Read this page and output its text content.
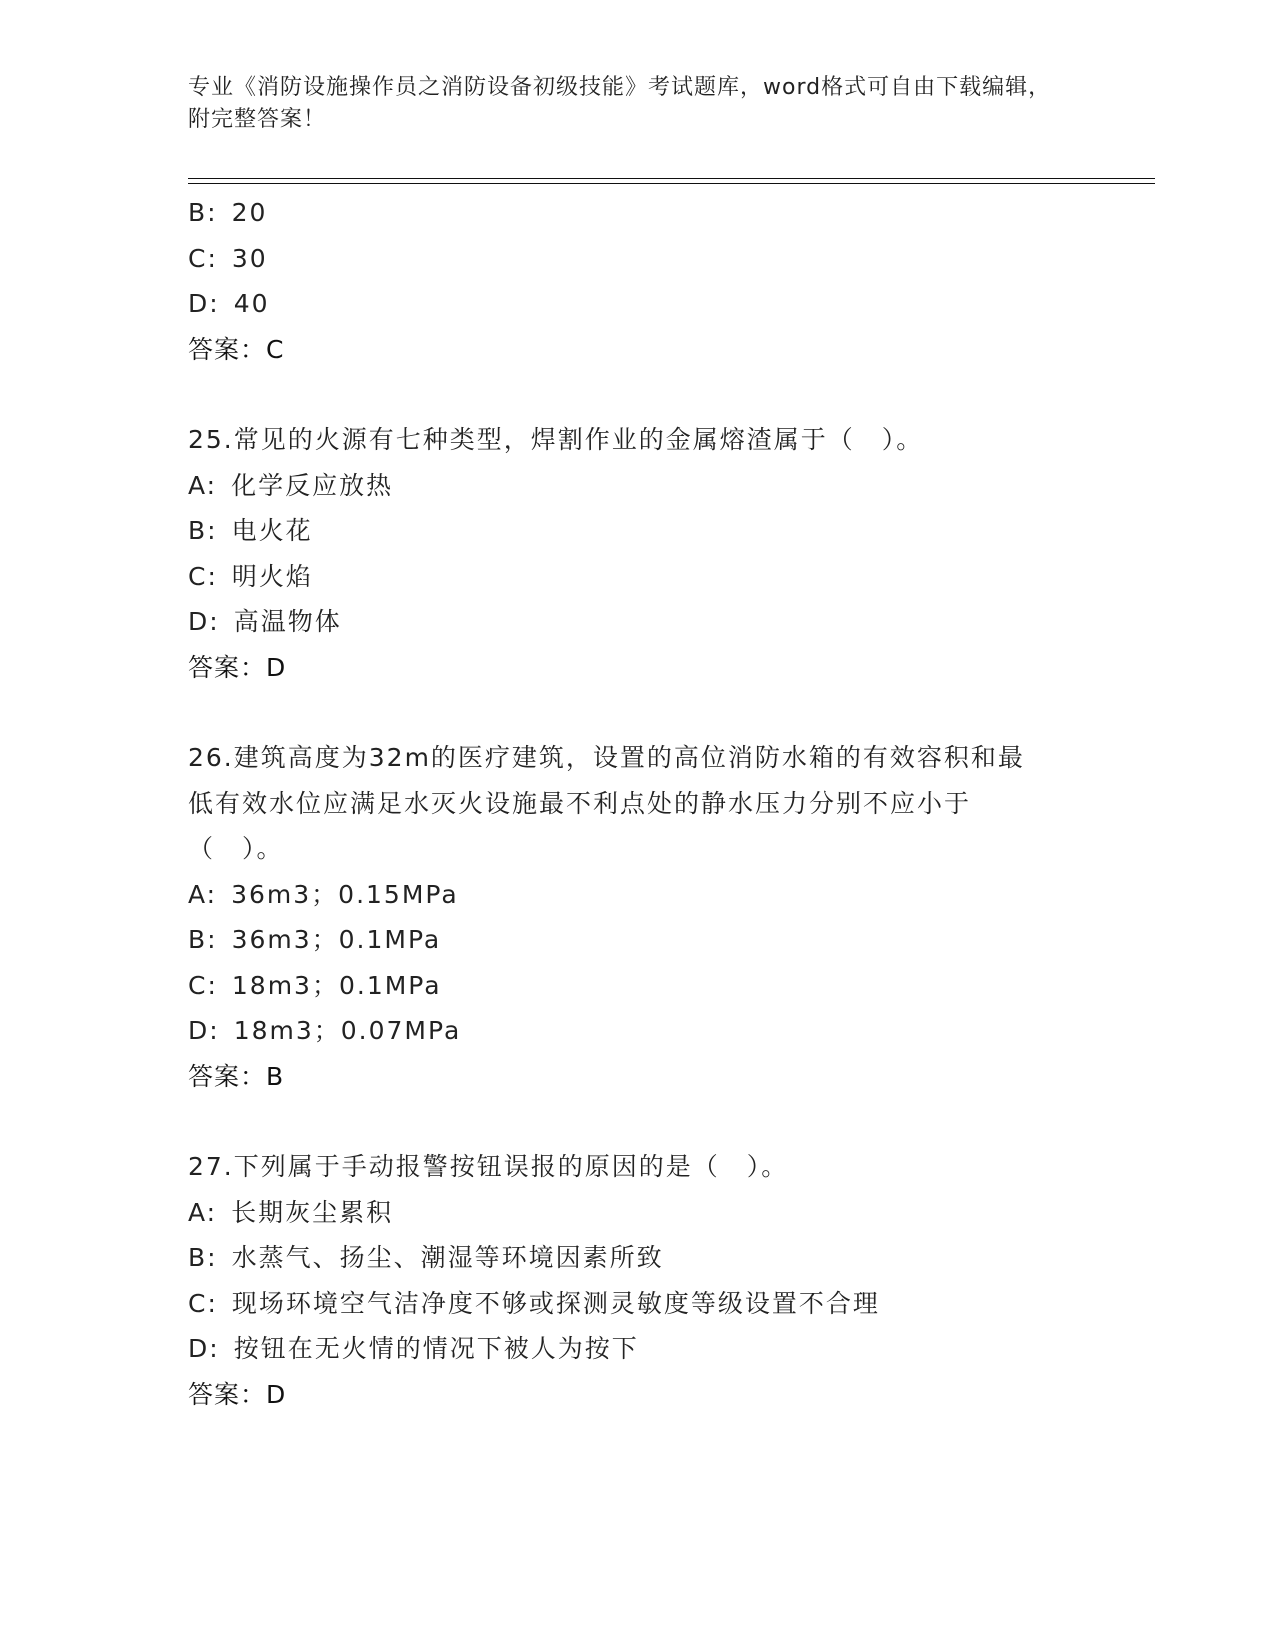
专业《消防设施操作员之消防设备初级技能》考试题库，word格式可自由下载编辑，附完整答案！
B: 20
C: 30
D: 40
答案：C
25.常见的火源有七种类型，焊割作业的金属熔渣属于（　）。
A: 化学反应放热
B: 电火花
C: 明火焰
D: 高温物体
答案：D
26.建筑高度为32m的医疗建筑，设置的高位消防水箱的有效容积和最低有效水位应满足水灭火设施最不利点处的静水压力分别不应小于（　）。
A: 36m3；0.15MPa
B: 36m3；0.1MPa
C: 18m3；0.1MPa
D: 18m3；0.07MPa
答案：B
27.下列属于手动报警按钮误报的原因的是（　）。
A: 长期灰尘累积
B: 水蒸气、扬尘、潮湿等环境因素所致
C: 现场环境空气洁净度不够或探测灵敏度等级设置不合理
D: 按钮在无火情的情况下被人为按下
答案：D
